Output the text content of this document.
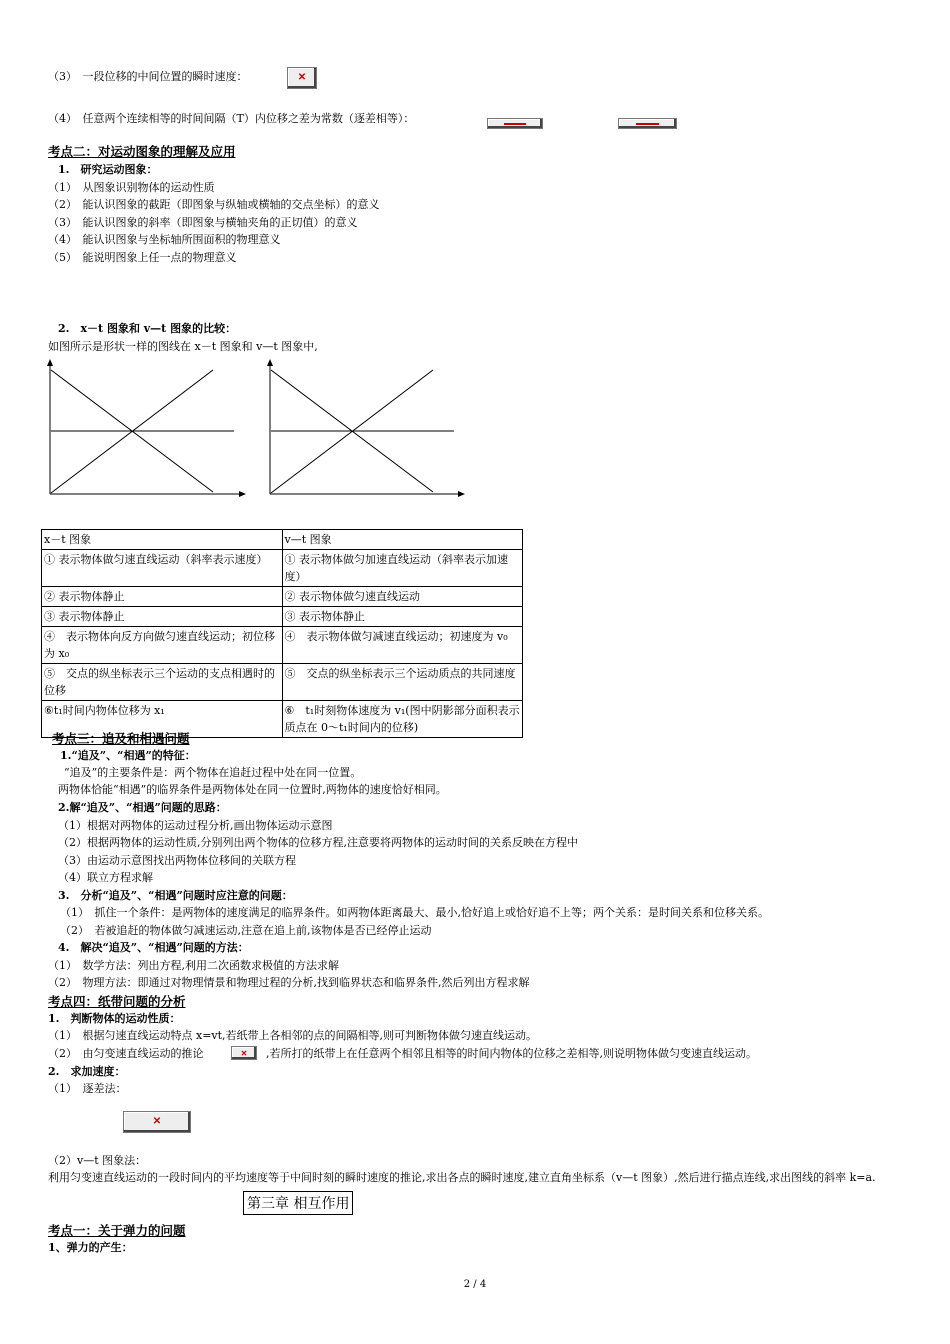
（3）　一段位移的中间位置的瞬时速度：	✕
（4）　任意两个连续相等的时间间隔（T）内位移之差为常数（逐差相等）：
考点二：对运动图象的理解及应用
1.　研究运动图象：
（1）　从图象识别物体的运动性质
（2）　能认识图象的截距（即图象与纵轴或横轴的交点坐标）的意义
（3）　能认识图象的斜率（即图象与横轴夹角的正切值）的意义
（4）　能认识图象与坐标轴所围面积的物理意义
（5）　能说明图象上任一点的物理意义
2.　x－t 图象和 v—t 图象的比较：
如图所示是形状一样的图线在 x－t 图象和 v—t 图象中,
x－t 图象	v—t 图象
① 表示物体做匀速直线运动（斜率表示速度）	① 表示物体做匀加速直线运动（斜率表示加速度）
② 表示物体静止	② 表示物体做匀速直线运动
③ 表示物体静止	③ 表示物体静止
④　表示物体向反方向做匀速直线运动；初位移为 x₀	④　表示物体做匀减速直线运动；初速度为 v₀
⑤　交点的纵坐标表示三个运动的支点相遇时的位移	⑤　交点的纵坐标表示三个运动质点的共同速度
⑥t₁时间内物体位移为 x₁	⑥　t₁时刻物体速度为 v₁(图中阴影部分面积表示质点在 0～t₁时间内的位移)
考点三：追及和相遇问题
1.“追及”、“相遇”的特征：
“追及”的主要条件是：两个物体在追赶过程中处在同一位置。
两物体恰能“相遇”的临界条件是两物体处在同一位置时,两物体的速度恰好相同。
2.解“追及”、“相遇”问题的思路：
（1）根据对两物体的运动过程分析,画出物体运动示意图
（2）根据两物体的运动性质,分别列出两个物体的位移方程,注意要将两物体的运动时间的关系反映在方程中
（3）由运动示意图找出两物体位移间的关联方程
（4）联立方程求解
3.　分析“追及”、“相遇”问题时应注意的问题：
（1）　抓住一个条件：是两物体的速度满足的临界条件。如两物体距离最大、最小,恰好追上或恰好追不上等；两个关系：是时间关系和位移关系。
（2）　若被追赶的物体做匀减速运动,注意在追上前,该物体是否已经停止运动
4.　解决“追及”、“相遇”问题的方法：
（1）　数学方法：列出方程,利用二次函数求极值的方法求解
（2）　物理方法：即通过对物理情景和物理过程的分析,找到临界状态和临界条件,然后列出方程求解
考点四：纸带问题的分析
1.　判断物体的运动性质：
（1）　根据匀速直线运动特点 x=vt,若纸带上各相邻的点的间隔相等,则可判断物体做匀速直线运动。
（2）　由匀变速直线运动的推论	✕ ,若所打的纸带上在任意两个相邻且相等的时间内物体的位移之差相等,则说明物体做匀变速直线运动。
2.　求加速度：
（1）　逐差法：
✕
（2）v—t 图象法：
利用匀变速直线运动的一段时间内的平均速度等于中间时刻的瞬时速度的推论,求出各点的瞬时速度,建立直角坐标系（v—t 图象）,然后进行描点连线,求出图线的斜率 k=a.
第三章 相互作用
考点一：关于弹力的问题
1、弹力的产生：
2 / 4
